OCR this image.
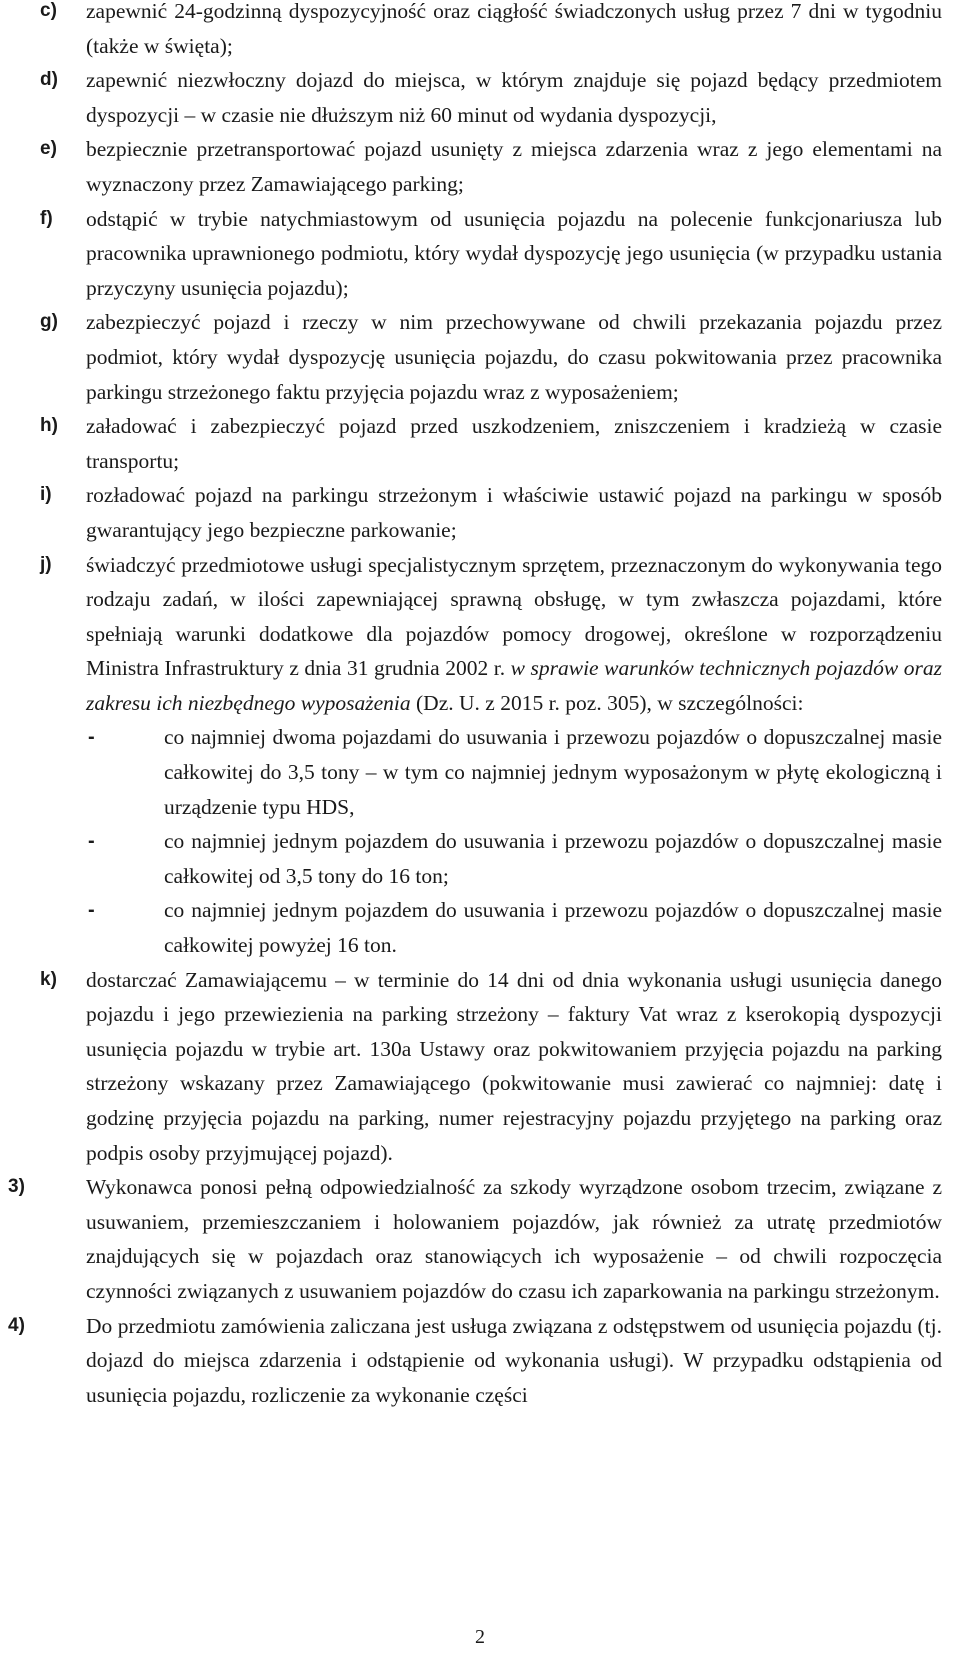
c) zapewnić 24-godzinną dyspozycyjność oraz ciągłość świadczonych usług przez 7 dni w tygodniu (także w święta);
d) zapewnić niezwłoczny dojazd do miejsca, w którym znajduje się pojazd będący przedmiotem dyspozycji – w czasie nie dłuższym niż 60 minut od wydania dyspozycji,
e) bezpiecznie przetransportować pojazd usunięty z miejsca zdarzenia wraz z jego elementami na wyznaczony przez Zamawiającego parking;
f) odstąpić w trybie natychmiastowym od usunięcia pojazdu na polecenie funkcjonariusza lub pracownika uprawnionego podmiotu, który wydał dyspozycję jego usunięcia (w przypadku ustania przyczyny usunięcia pojazdu);
g) zabezpieczyć pojazd i rzeczy w nim przechowywane od chwili przekazania pojazdu przez podmiot, który wydał dyspozycję usunięcia pojazdu, do czasu pokwitowania przez pracownika parkingu strzeżonego faktu przyjęcia pojazdu wraz z wyposażeniem;
h) załadować i zabezpieczyć pojazd przed uszkodzeniem, zniszczeniem i kradzieżą w czasie transportu;
i) rozładować pojazd na parkingu strzeżonym i właściwie ustawić pojazd na parkingu w sposób gwarantujący jego bezpieczne parkowanie;
j) świadczyć przedmiotowe usługi specjalistycznym sprzętem, przeznaczonym do wykonywania tego rodzaju zadań, w ilości zapewniającej sprawną obsługę, w tym zwłaszcza pojazdami, które spełniają warunki dodatkowe dla pojazdów pomocy drogowej, określone w rozporządzeniu Ministra Infrastruktury z dnia 31 grudnia 2002 r. w sprawie warunków technicznych pojazdów oraz zakresu ich niezbędnego wyposażenia (Dz. U. z 2015 r. poz. 305), w szczególności:
-	co najmniej dwoma pojazdami do usuwania i przewozu pojazdów o dopuszczalnej masie całkowitej do 3,5 tony – w tym co najmniej jednym wyposażonym w płytę ekologiczną i urządzenie typu HDS,
-	co najmniej jednym pojazdem do usuwania i przewozu pojazdów o dopuszczalnej masie całkowitej od 3,5 tony do 16 ton;
-	co najmniej jednym pojazdem do usuwania i przewozu pojazdów o dopuszczalnej masie całkowitej powyżej 16 ton.
k) dostarczać Zamawiającemu – w terminie do 14 dni od dnia wykonania usługi usunięcia danego pojazdu i jego przewiezienia na parking strzeżony – faktury Vat wraz z kserokopią dyspozycji usunięcia pojazdu w trybie art. 130a Ustawy oraz pokwitowaniem przyjęcia pojazdu na parking strzeżony wskazany przez Zamawiającego (pokwitowanie musi zawierać co najmniej: datę i godzinę przyjęcia pojazdu na parking, numer rejestracyjny pojazdu przyjętego na parking oraz podpis osoby przyjmującej pojazd).
3)	Wykonawca ponosi pełną odpowiedzialność za szkody wyrządzone osobom trzecim, związane z usuwaniem, przemieszczaniem i holowaniem pojazdów, jak również za utratę przedmiotów znajdujących się w pojazdach oraz stanowiących ich wyposażenie – od chwili rozpoczęcia czynności związanych z usuwaniem pojazdów do czasu ich zaparkowania na parkingu strzeżonym.
4)	Do przedmiotu zamówienia zaliczana jest usługa związana z odstępstwem od usunięcia pojazdu (tj. dojazd do miejsca zdarzenia i odstąpienie od wykonania usługi). W przypadku odstąpienia od usunięcia pojazdu, rozliczenie za wykonanie części
2
